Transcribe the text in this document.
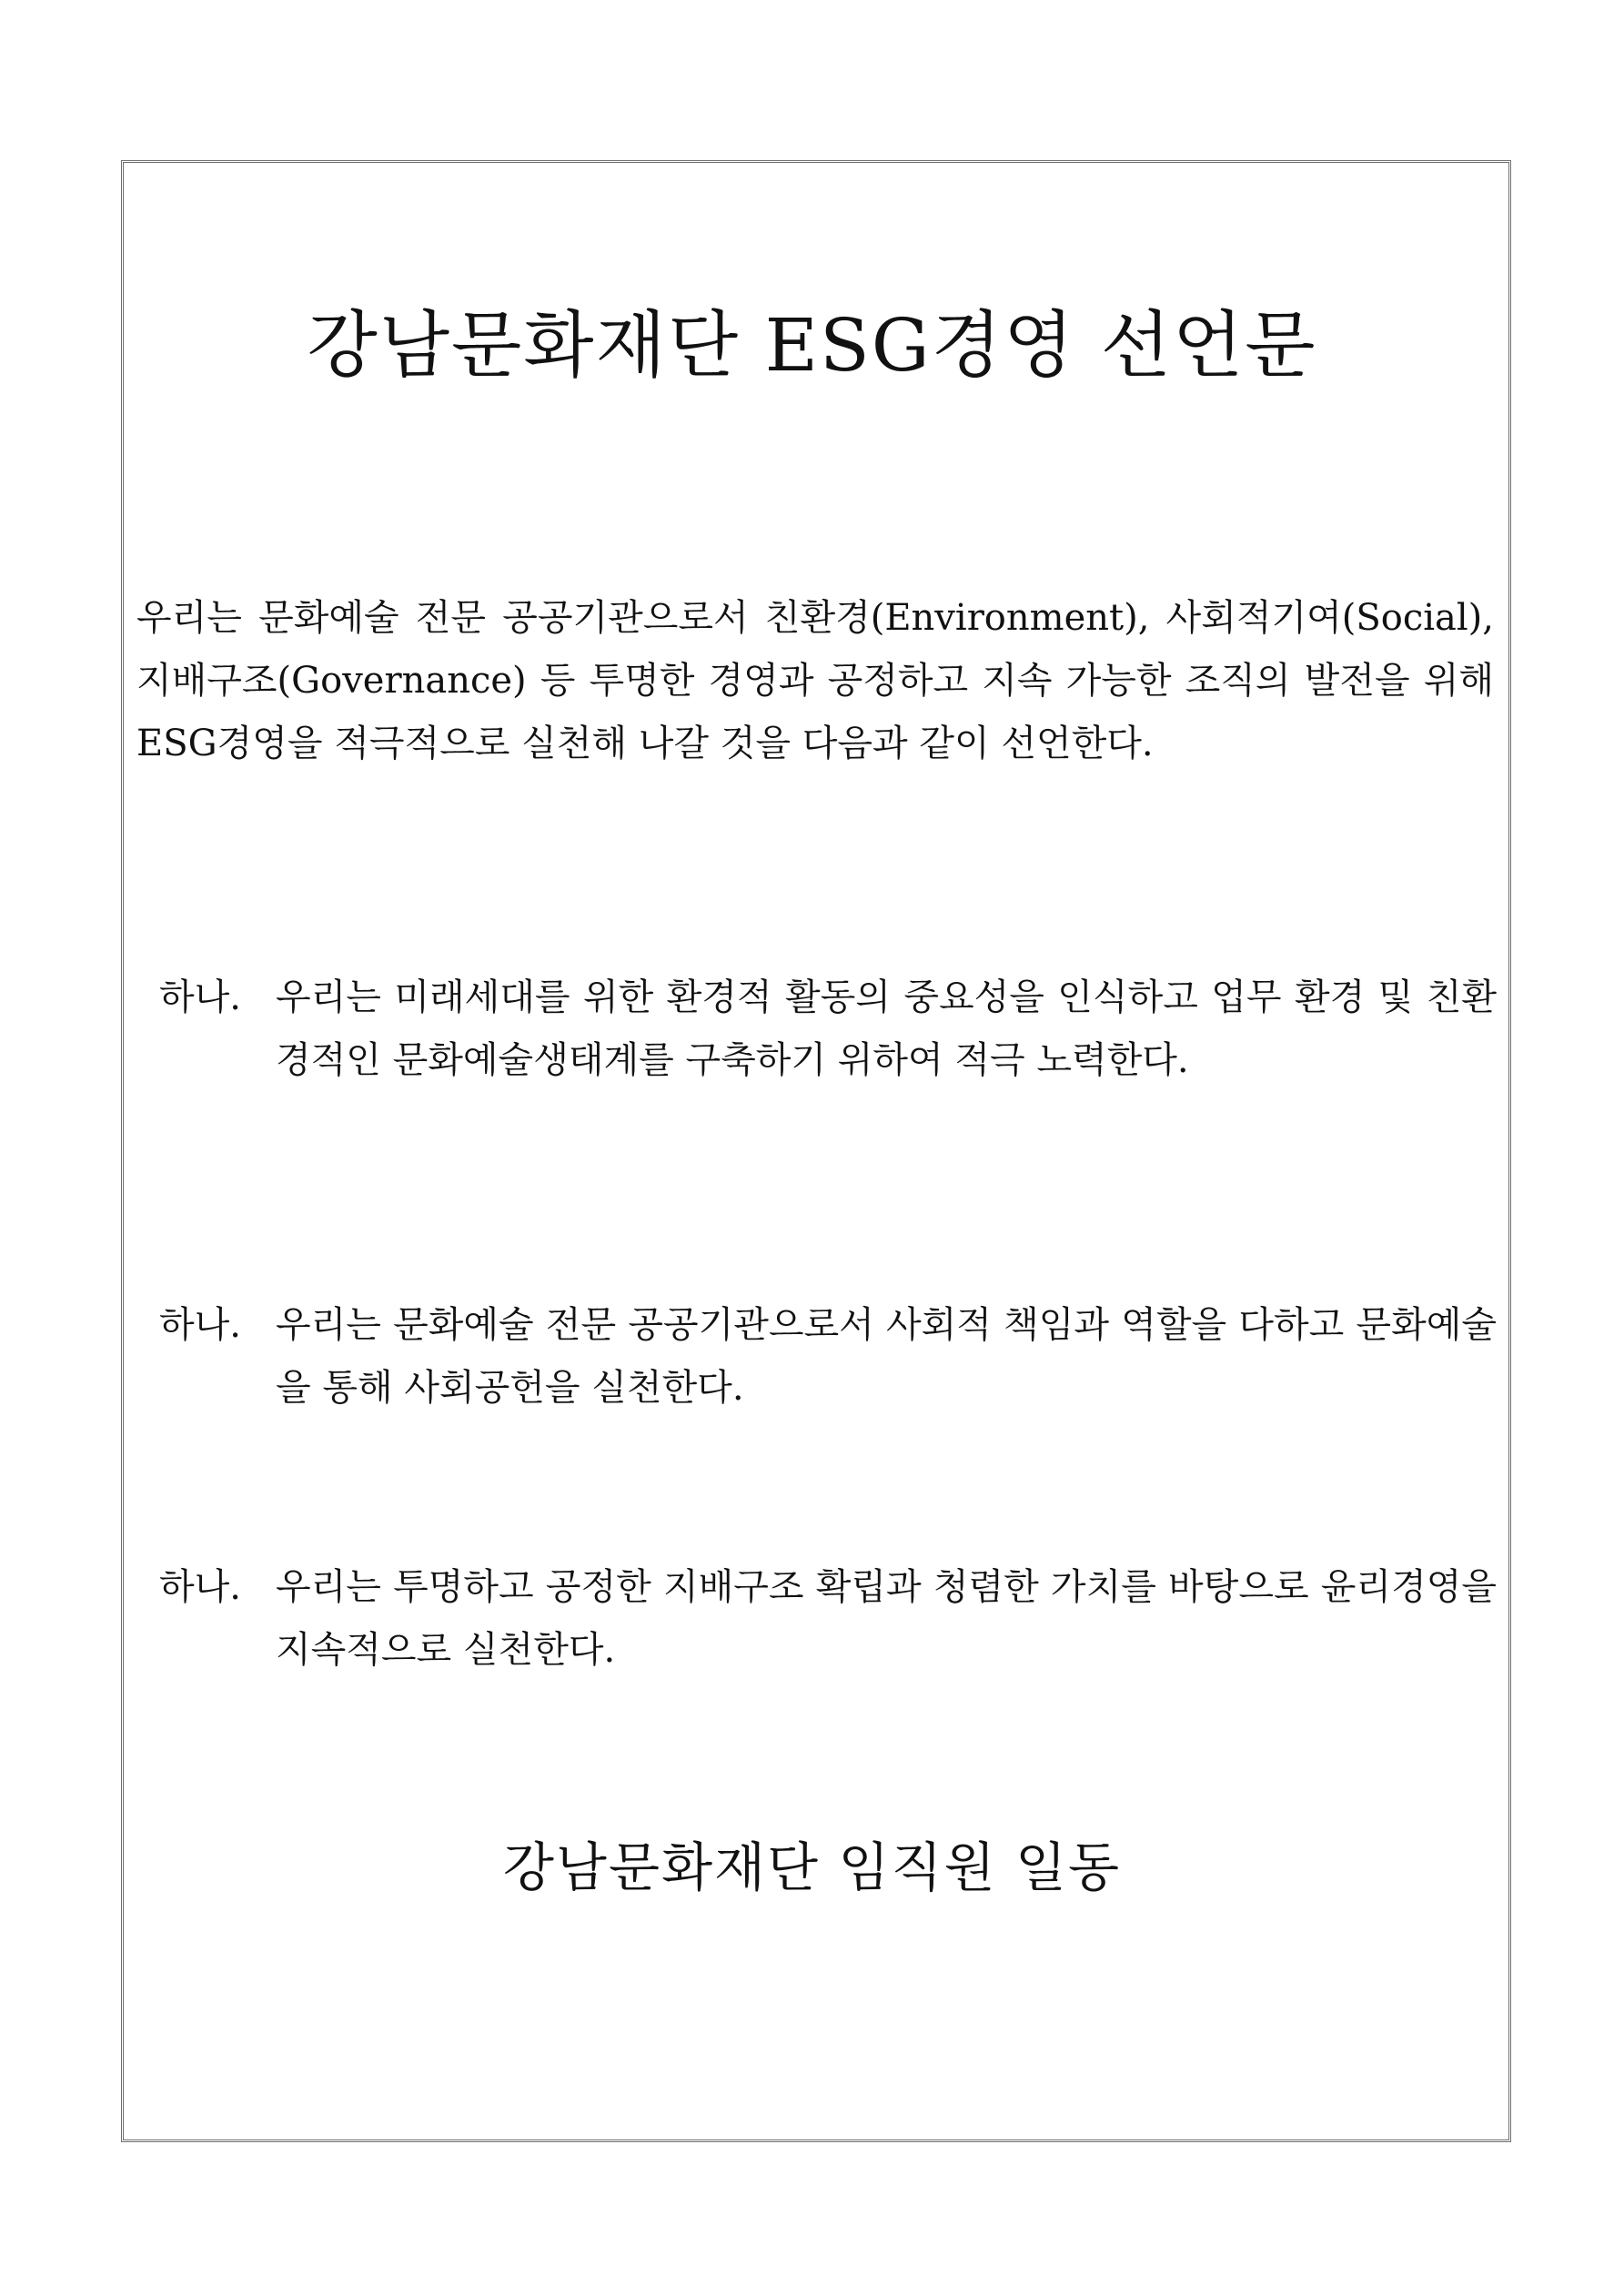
강남문화재단 ESG경영 선언문

우리는 문화예술 전문 공공기관으로서 친환경(Environment), 사회적기여(Social), 지배구조(Governance) 등 투명한 경영과 공정하고 지속 가능한 조직의 발전을 위해 ESG경영을 적극적으로 실천해 나갈 것을 다음과 같이 선언한다.

하나. 우리는 미래세대를 위한 환경적 활동의 중요성을 인식하고 업무 환경 및 친환경적인 문화예술생태계를 구축하기 위하여 적극 노력한다.

하나. 우리는 문화예술 전문 공공기관으로서 사회적 책임과 역할을 다하고 문화예술을 통해 사회공헌을 실천한다.

하나. 우리는 투명하고 공정한 지배구조 확립과 청렴한 가치를 바탕으로 윤리경영을 지속적으로 실천한다.

강남문화재단 임직원 일동
